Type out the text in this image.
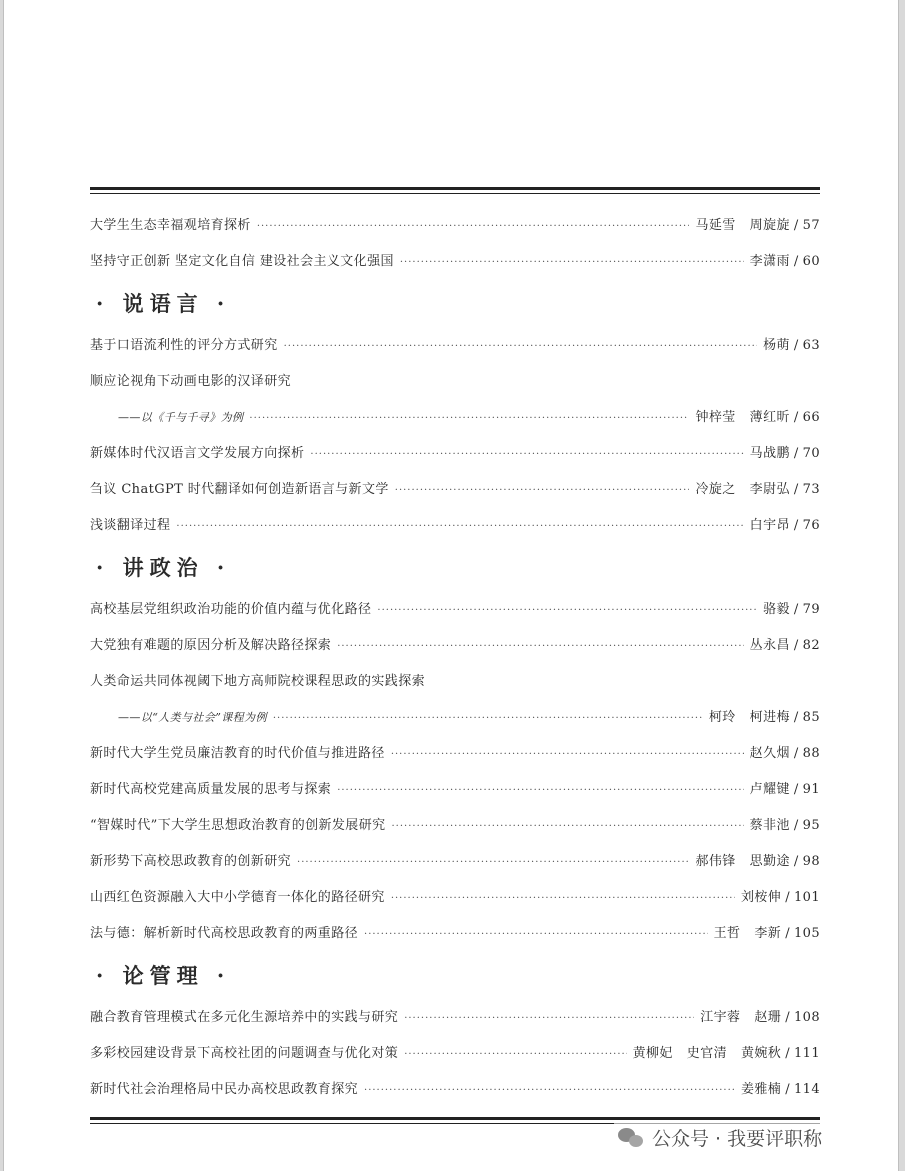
大学生生态幸福观培育探析 ·····	马延雪 周旋旋 / 57
坚持守正创新 坚定文化自信 建设社会主义文化强国 ·····	李潇雨 / 60
· 说语言 ·
基于口语流利性的评分方式研究 ·····	杨萌 / 63
顺应论视角下动画电影的汉译研究
——以《千与千寻》为例 ·····	钟梓莹 薄红昕 / 66
新媒体时代汉语言文学发展方向探析 ·····	马战鹏 / 70
刍议 ChatGPT 时代翻译如何创造新语言与新文学 ·····	冷旋之 李尉弘 / 73
浅谈翻译过程 ·····	白宇昂 / 76
· 讲政治 ·
高校基层党组织政治功能的价值内蕴与优化路径 ·····	骆毅 / 79
大党独有难题的原因分析及解决路径探索 ·····	丛永昌 / 82
人类命运共同体视阈下地方高师院校课程思政的实践探索
——以“人类与社会”课程为例 ·····	柯玲 柯进梅 / 85
新时代大学生党员廉洁教育的时代价值与推进路径 ·····	赵久烟 / 88
新时代高校党建高质量发展的思考与探索 ·····	卢耀键 / 91
“智媒时代”下大学生思想政治教育的创新发展研究 ·····	蔡非池 / 95
新形势下高校思政教育的创新研究 ·····	郝伟锋 思勤途 / 98
山西红色资源融入大中小学德育一体化的路径研究 ·····	刘桉伸 / 101
法与德：解析新时代高校思政教育的两重路径 ·····	王哲 李新 / 105
· 论管理 ·
融合教育管理模式在多元化生源培养中的实践与研究 ·····	江宇蓉 赵珊 / 108
多彩校园建设背景下高校社团的问题调查与优化对策 ·····	黄柳妃 史官清 黄婉秋 / 111
新时代社会治理格局中民办高校思政教育探究 ·····	姜雅楠 / 114
公众号 · 我要评职称
